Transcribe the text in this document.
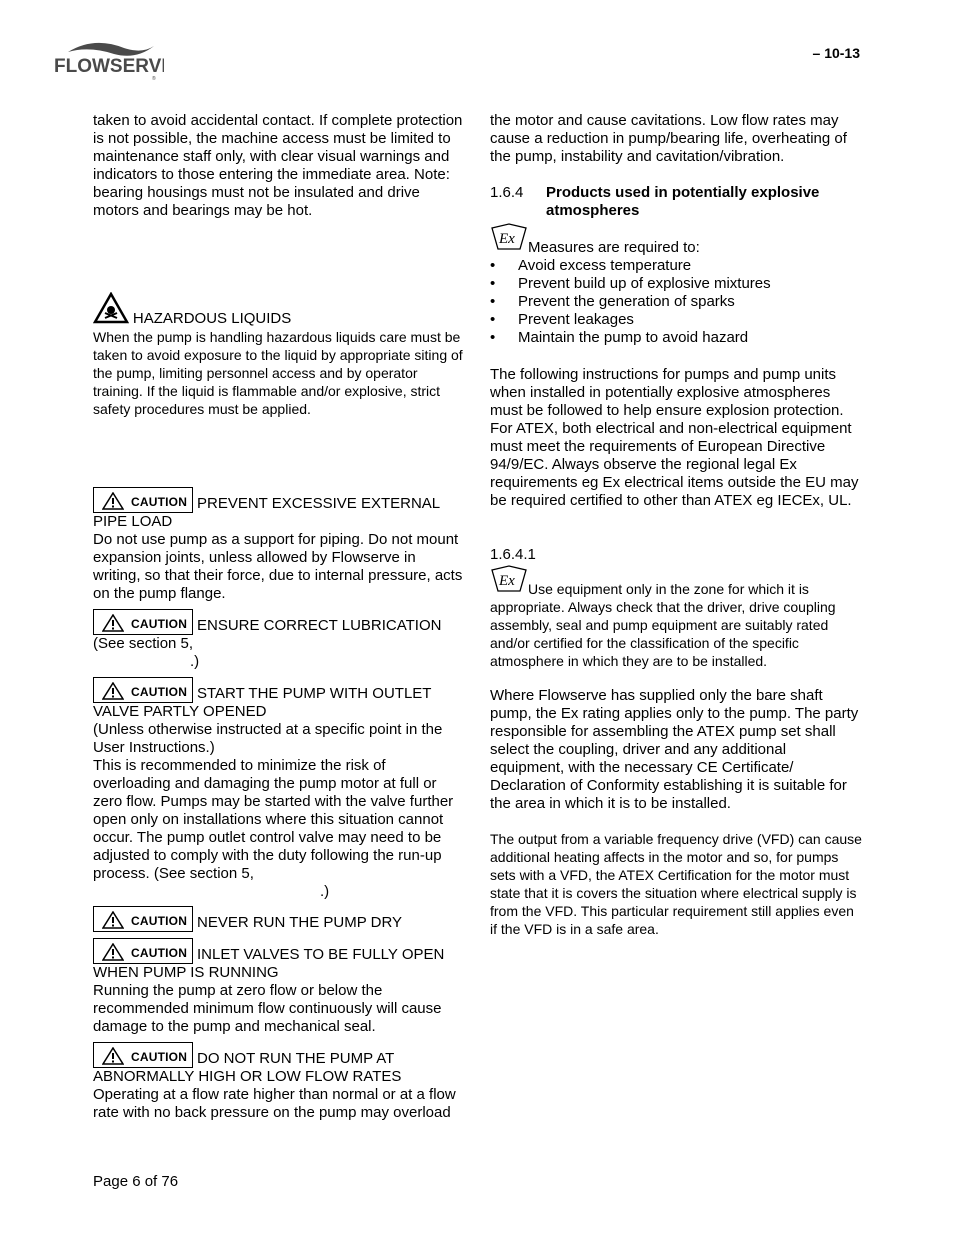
FLOWSERVE
®
– 10-13

taken to avoid accidental contact. If complete protection is not possible, the machine access must be limited to maintenance staff only, with clear visual warnings and indicators to those entering the immediate area. Note: bearing housings must not be insulated and drive motors and bearings may be hot.

HAZARDOUS LIQUIDS

When the pump is handling hazardous liquids care must be taken to avoid exposure to the liquid by appropriate siting of the pump, limiting personnel access and by operator training. If the liquid is flammable and/or explosive, strict safety procedures must be applied.

CAUTION PREVENT EXCESSIVE EXTERNAL PIPE LOAD

Do not use pump as a support for piping. Do not mount expansion joints, unless allowed by Flowserve in writing, so that their force, due to internal pressure, acts on the pump flange.

CAUTION ENSURE CORRECT LUBRICATION

(See section 5,

.)

CAUTION START THE PUMP WITH OUTLET VALVE PARTLY OPENED

(Unless otherwise instructed at a specific point in the User Instructions.)

This is recommended to minimize the risk of overloading and damaging the pump motor at full or zero flow. Pumps may be started with the valve further open only on installations where this situation cannot occur. The pump outlet control valve may need to be adjusted to comply with the duty following the run-up process. (See section 5,

.)

CAUTION NEVER RUN THE PUMP DRY

CAUTION INLET VALVES TO BE FULLY OPEN WHEN PUMP IS RUNNING

Running the pump at zero flow or below the recommended minimum flow continuously will cause damage to the pump and mechanical seal.

CAUTION DO NOT RUN THE PUMP AT ABNORMALLY HIGH OR LOW FLOW RATES

Operating at a flow rate higher than normal or at a flow rate with no back pressure on the pump may overload

the motor and cause cavitations. Low flow rates may cause a reduction in pump/bearing life, overheating of the pump, instability and cavitation/vibration.

1.6.4 Products used in potentially explosive atmospheres

Ex Measures are required to:

• Avoid excess temperature
• Prevent build up of explosive mixtures
• Prevent the generation of sparks
• Prevent leakages
• Maintain the pump to avoid hazard

The following instructions for pumps and pump units when installed in potentially explosive atmospheres must be followed to help ensure explosion protection. For ATEX, both electrical and non-electrical equipment must meet the requirements of European Directive 94/9/EC. Always observe the regional legal Ex requirements eg Ex electrical items outside the EU may be required certified to other than ATEX eg IECEx, UL.

1.6.4.1

Ex Use equipment only in the zone for which it is appropriate. Always check that the driver, drive coupling assembly, seal and pump equipment are suitably rated and/or certified for the classification of the specific atmosphere in which they are to be installed.

Where Flowserve has supplied only the bare shaft pump, the Ex rating applies only to the pump. The party responsible for assembling the ATEX pump set shall select the coupling, driver and any additional equipment, with the necessary CE Certificate/ Declaration of Conformity establishing it is suitable for the area in which it is to be installed.

The output from a variable frequency drive (VFD) can cause additional heating affects in the motor and so, for pumps sets with a VFD, the ATEX Certification for the motor must state that it is covers the situation where electrical supply is from the VFD. This particular requirement still applies even if the VFD is in a safe area.

Page 6 of 76
